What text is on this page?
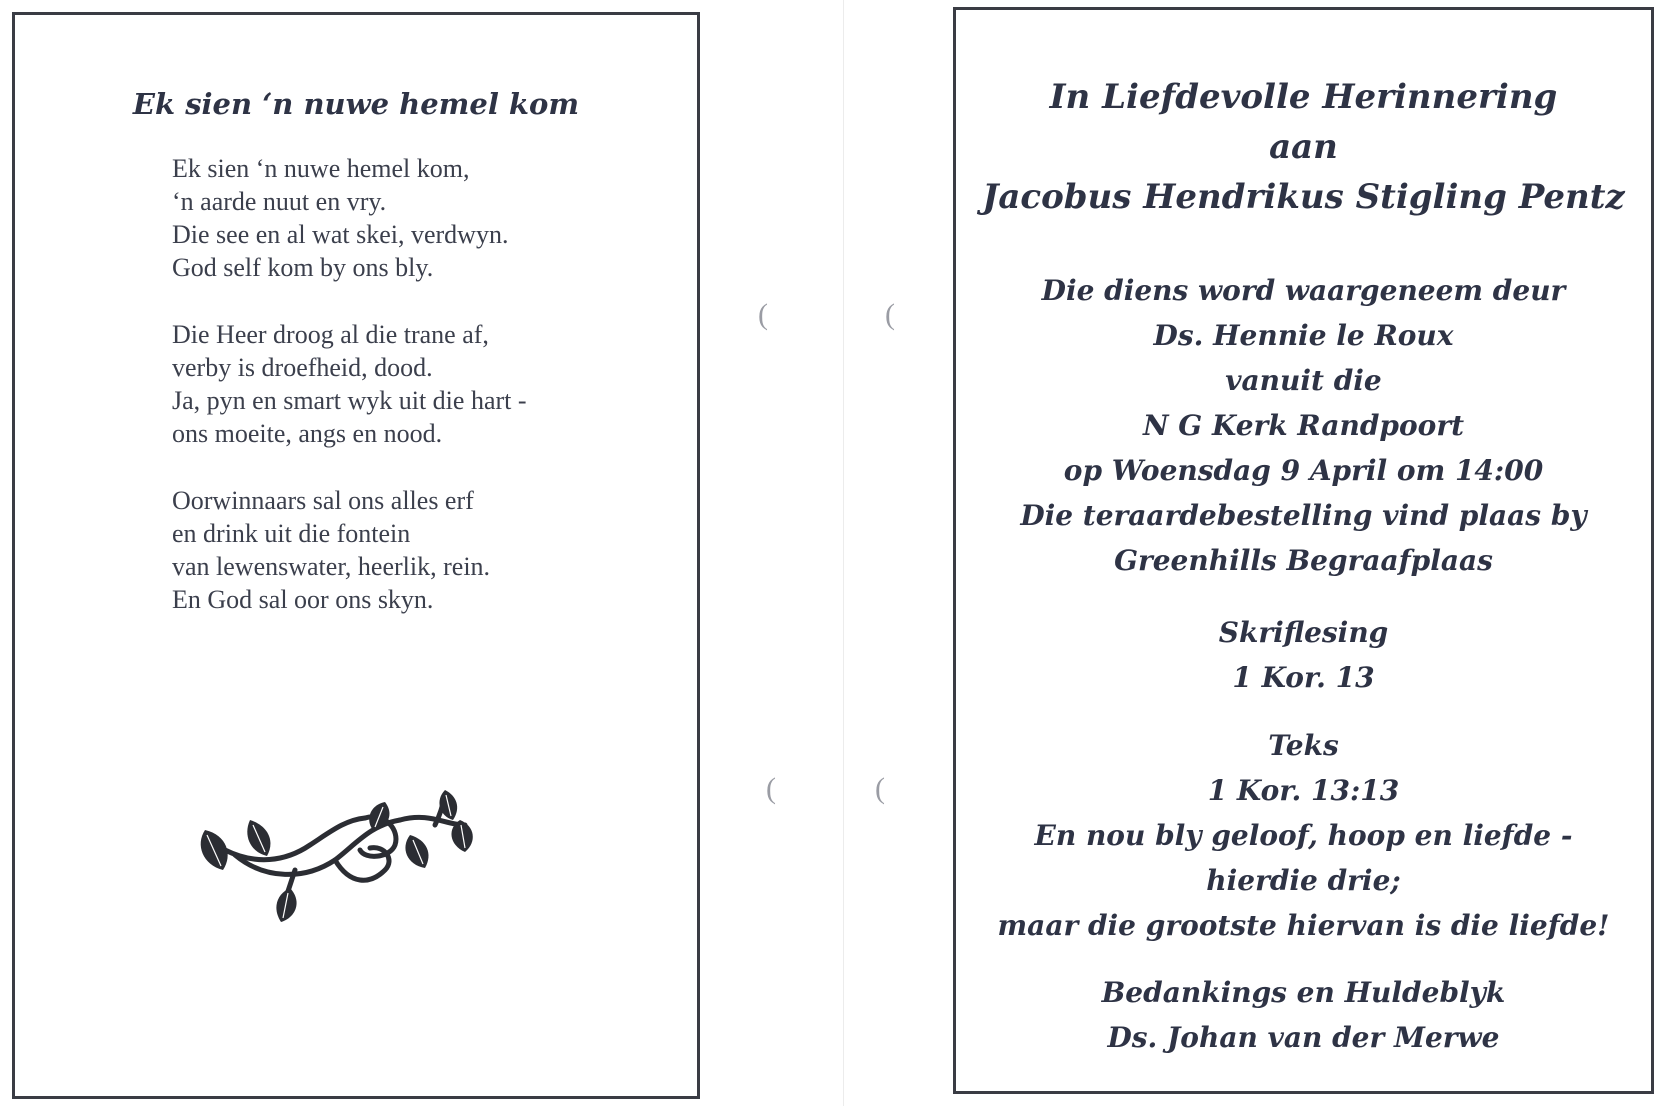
(	(
(	(
Ek sien ‘n nuwe hemel kom
Ek sien ‘n nuwe hemel kom,
‘n aarde nuut en vry.
Die see en al wat skei, verdwyn.
God self kom by ons bly.
Die Heer droog al die trane af,
verby is droefheid, dood.
Ja, pyn en smart wyk uit die hart -
ons moeite, angs en nood.
Oorwinnaars sal ons alles erf
en drink uit die fontein
van lewenswater, heerlik, rein.
En God sal oor ons skyn.
In Liefdevolle Herinnering
aan
Jacobus Hendrikus Stigling Pentz
Die diens word waargeneem deur
Ds. Hennie le Roux
vanuit die
N G Kerk Randpoort
op Woensdag 9 April om 14:00
Die teraardebestelling vind plaas by
Greenhills Begraafplaas
Skriflesing
1 Kor. 13
Teks
1 Kor. 13:13
En nou bly geloof, hoop en liefde -
hierdie drie;
maar die grootste hiervan is die liefde!
Bedankings en Huldeblyk
Ds. Johan van der Merwe
